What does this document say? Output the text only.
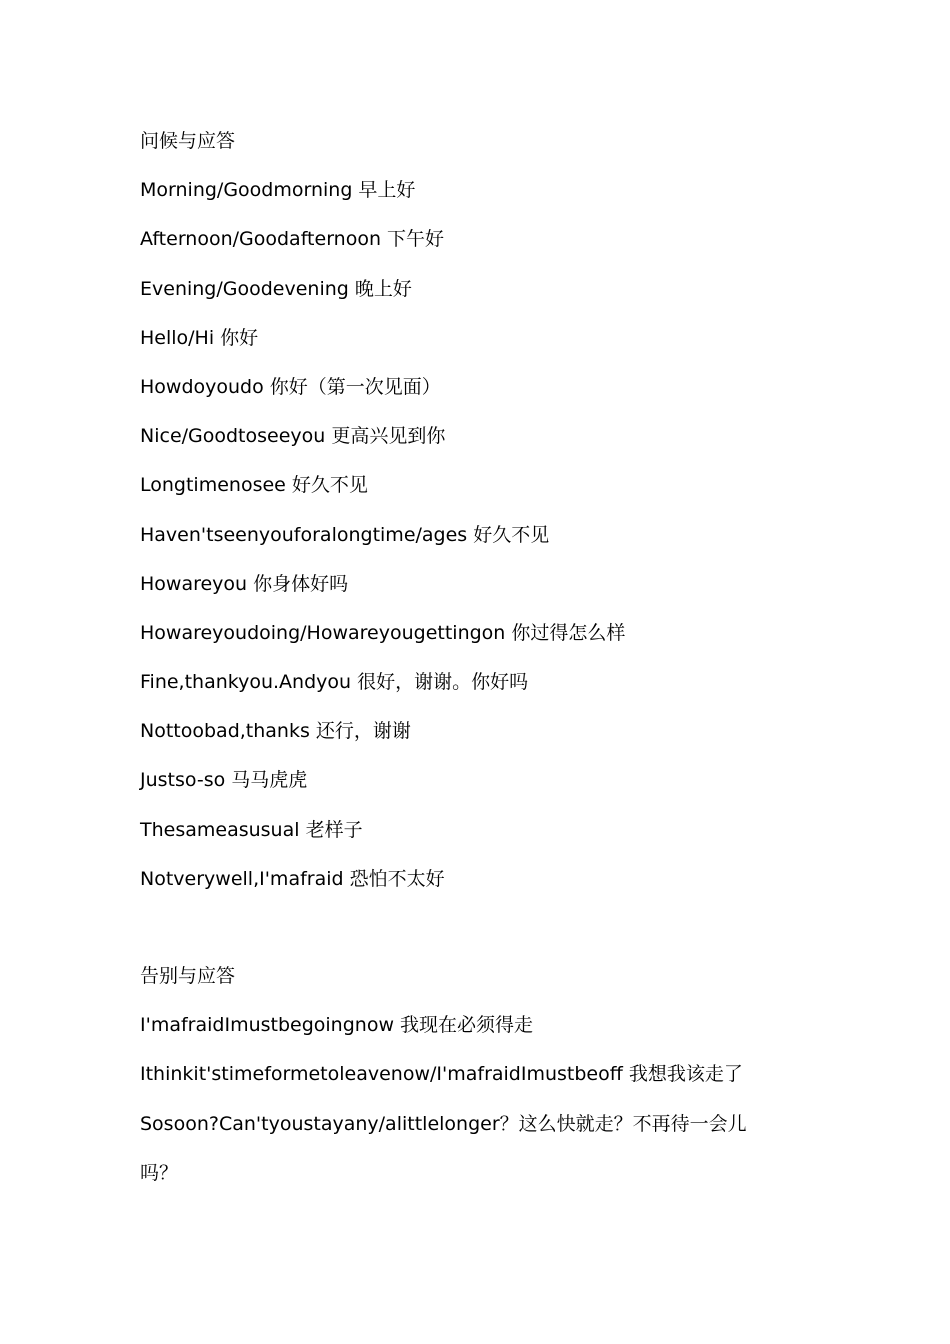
问候与应答

Morning/Goodmorning 早上好

Afternoon/Goodafternoon 下午好

Evening/Goodevening 晚上好

Hello/Hi 你好

Howdoyoudo 你好（第一次见面）

Nice/Goodtoseeyou 更高兴见到你

Longtimenosee 好久不见

Haven'tseenyouforalongtime/ages 好久不见

Howareyou 你身体好吗

Howareyoudoing/Howareyougettingon 你过得怎么样

Fine,thankyou.Andyou 很好，谢谢。你好吗

Nottoobad,thanks 还行，谢谢

Justso-so 马马虎虎

Thesameasusual 老样子

Notverywell,I'mafraid 恐怕不太好

告别与应答

I'mafraidImustbegoingnow 我现在必须得走

Ithinkit'stimeformetoleavenow/I'mafraidImustbeoff 我想我该走了

Sosoon?Can'tyoustayany/alittlelonger？这么快就走？不再待一会儿

吗？
